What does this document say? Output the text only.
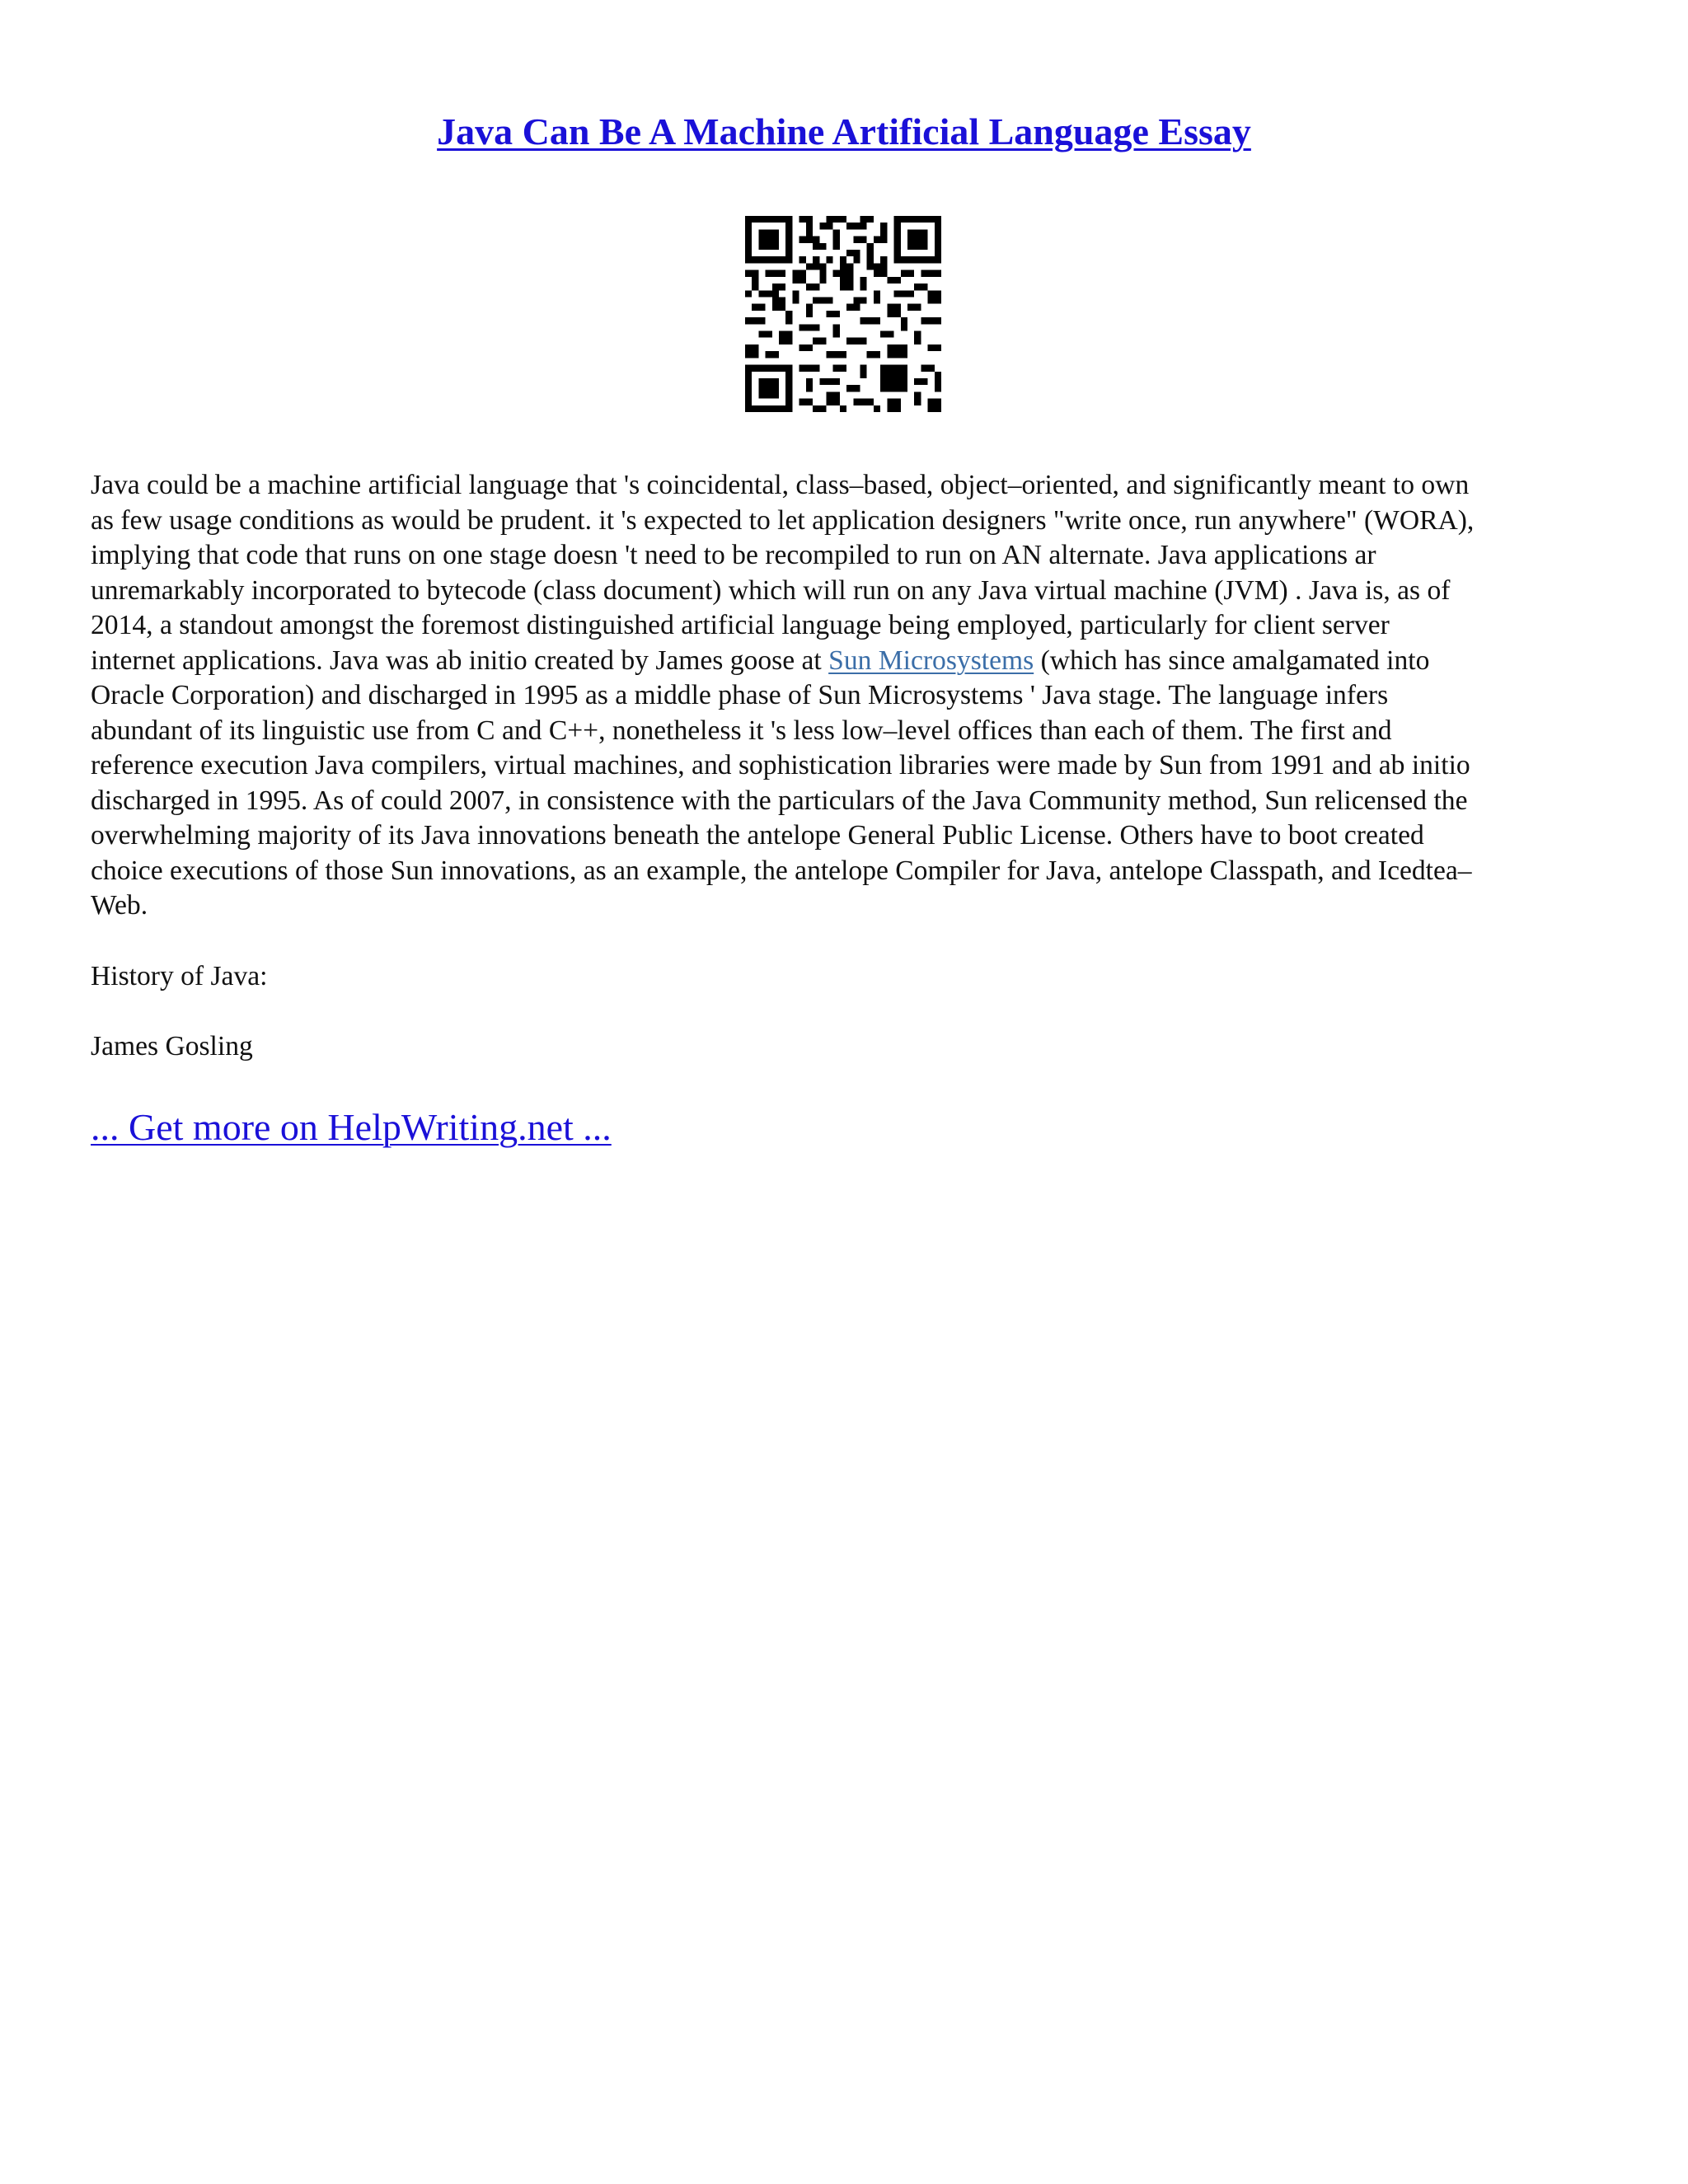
Java Can Be A Machine Artificial Language Essay
Java could be a machine artificial language that 's coincidental, class–based, object–oriented, and significantly meant to own
as few usage conditions as would be prudent. it 's expected to let application designers "write once, run anywhere" (WORA),
implying that code that runs on one stage doesn 't need to be recompiled to run on AN alternate. Java applications ar
unremarkably incorporated to bytecode (class document) which will run on any Java virtual machine (JVM) . Java is, as of
2014, a standout amongst the foremost distinguished artificial language being employed, particularly for client server
internet applications. Java was ab initio created by James goose at Sun Microsystems (which has since amalgamated into
Oracle Corporation) and discharged in 1995 as a middle phase of Sun Microsystems ' Java stage. The language infers
abundant of its linguistic use from C and C++, nonetheless it 's less low–level offices than each of them. The first and
reference execution Java compilers, virtual machines, and sophistication libraries were made by Sun from 1991 and ab initio
discharged in 1995. As of could 2007, in consistence with the particulars of the Java Community method, Sun relicensed the
overwhelming majority of its Java innovations beneath the antelope General Public License. Others have to boot created
choice executions of those Sun innovations, as an example, the antelope Compiler for Java, antelope Classpath, and Icedtea–
Web.

History of Java:

James Gosling

... Get more on HelpWriting.net ...
